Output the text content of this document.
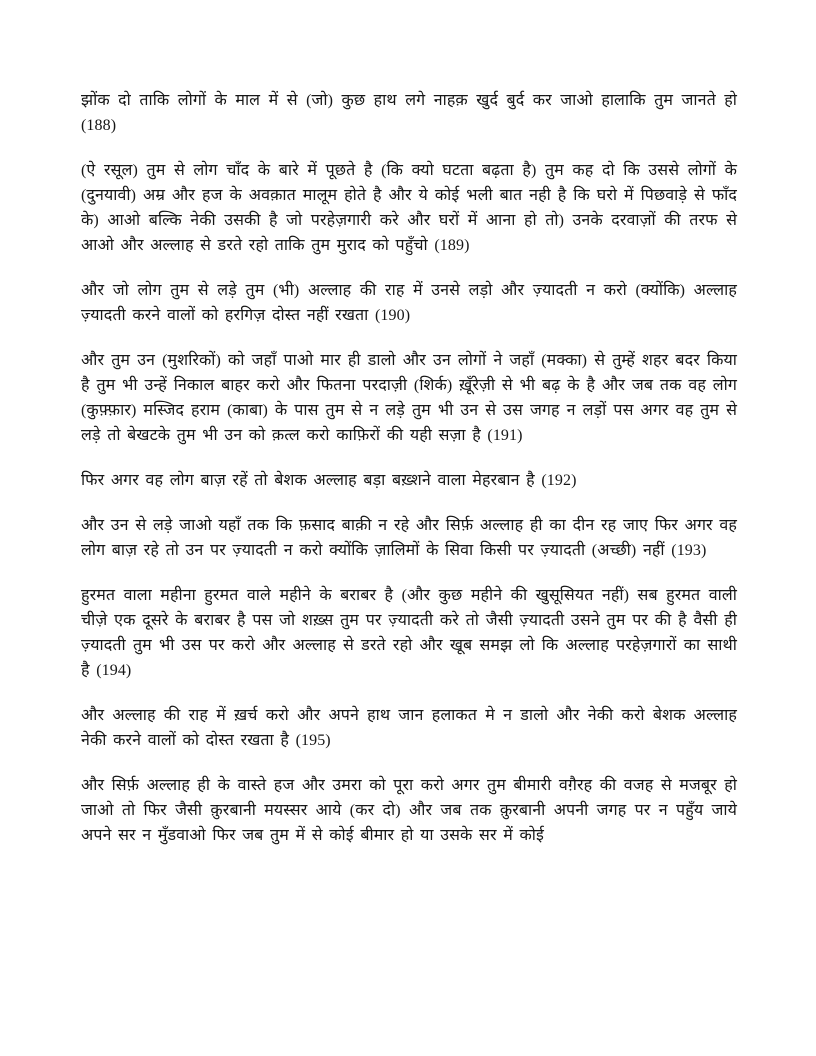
झोंक दो ताकि लोगों के माल में से (जो) कुछ हाथ लगे नाहक़ खुर्द बुर्द कर जाओ हालाकि तुम जानते हो (188)

(ऐ रसूल) तुम से लोग चाँद के बारे में पूछते है (कि क्यो घटता बढ़ता है) तुम कह दो कि उससे लोगों के (दुनयावी) अम्र और हज के अवक़ात मालूम होते है और ये कोई भली बात नही है कि घरो में पिछवाड़े से फाँद के) आओ बल्कि नेकी उसकी है जो परहेज़गारी करे और घरों में आना हो तो) उनके दरवाज़ों की तरफ से आओ और अल्लाह से डरते रहो ताकि तुम मुराद को पहुँचो (189)

और जो लोग तुम से लड़े तुम (भी) अल्लाह की राह में उनसे लड़ो और ज़्यादती न करो (क्योंकि) अल्लाह ज़्यादती करने वालों को हरगिज़ दोस्त नहीं रखता (190)

और तुम उन (मुशरिकों) को जहाँ पाओ मार ही डालो और उन लोगों ने जहाँ (मक्का) से तुम्हें शहर बदर किया है तुम भी उन्हें निकाल बाहर करो और फितना परदाज़ी (शिर्क) ख़ूँरेज़ी से भी बढ़ के है और जब तक वह लोग (कुफ़्फ़ार) मस्जिद हराम (काबा) के पास तुम से न लड़े तुम भी उन से उस जगह न लड़ों पस अगर वह तुम से लड़े तो बेखटके तुम भी उन को क़त्ल करो काफ़िरों की यही सज़ा है (191)

फिर अगर वह लोग बाज़ रहें तो बेशक अल्लाह बड़ा बख़्शने वाला मेहरबान है (192)

और उन से लड़े जाओ यहाँ तक कि फ़साद बाक़ी न रहे और सिर्फ़ अल्लाह ही का दीन रह जाए फिर अगर वह लोग बाज़ रहे तो उन पर ज़्यादती न करो क्योंकि ज़ालिमों के सिवा किसी पर ज़्यादती (अच्छी) नहीं (193)

हुरमत वाला महीना हुरमत वाले महीने के बराबर है (और कुछ महीने की खुसूसियत नहीं) सब हुरमत वाली चीज़े एक दूसरे के बराबर है पस जो शख़्स तुम पर ज़्यादती करे तो जैसी ज़्यादती उसने तुम पर की है वैसी ही ज़्यादती तुम भी उस पर करो और अल्लाह से डरते रहो और खूब समझ लो कि अल्लाह परहेज़गारों का साथी है (194)

और अल्लाह की राह में ख़र्च करो और अपने हाथ जान हलाकत मे न डालो और नेकी करो बेशक अल्लाह नेकी करने वालों को दोस्त रखता है (195)

और सिर्फ़ अल्लाह ही के वास्ते हज और उमरा को पूरा करो अगर तुम बीमारी वग़ैरह की वजह से मजबूर हो जाओ तो फिर जैसी क़ुरबानी मयस्सर आये (कर दो) और जब तक क़ुरबानी अपनी जगह पर न पहुँय जाये अपने सर न मुँडवाओ फिर जब तुम में से कोई बीमार हो या उसके सर में कोई
